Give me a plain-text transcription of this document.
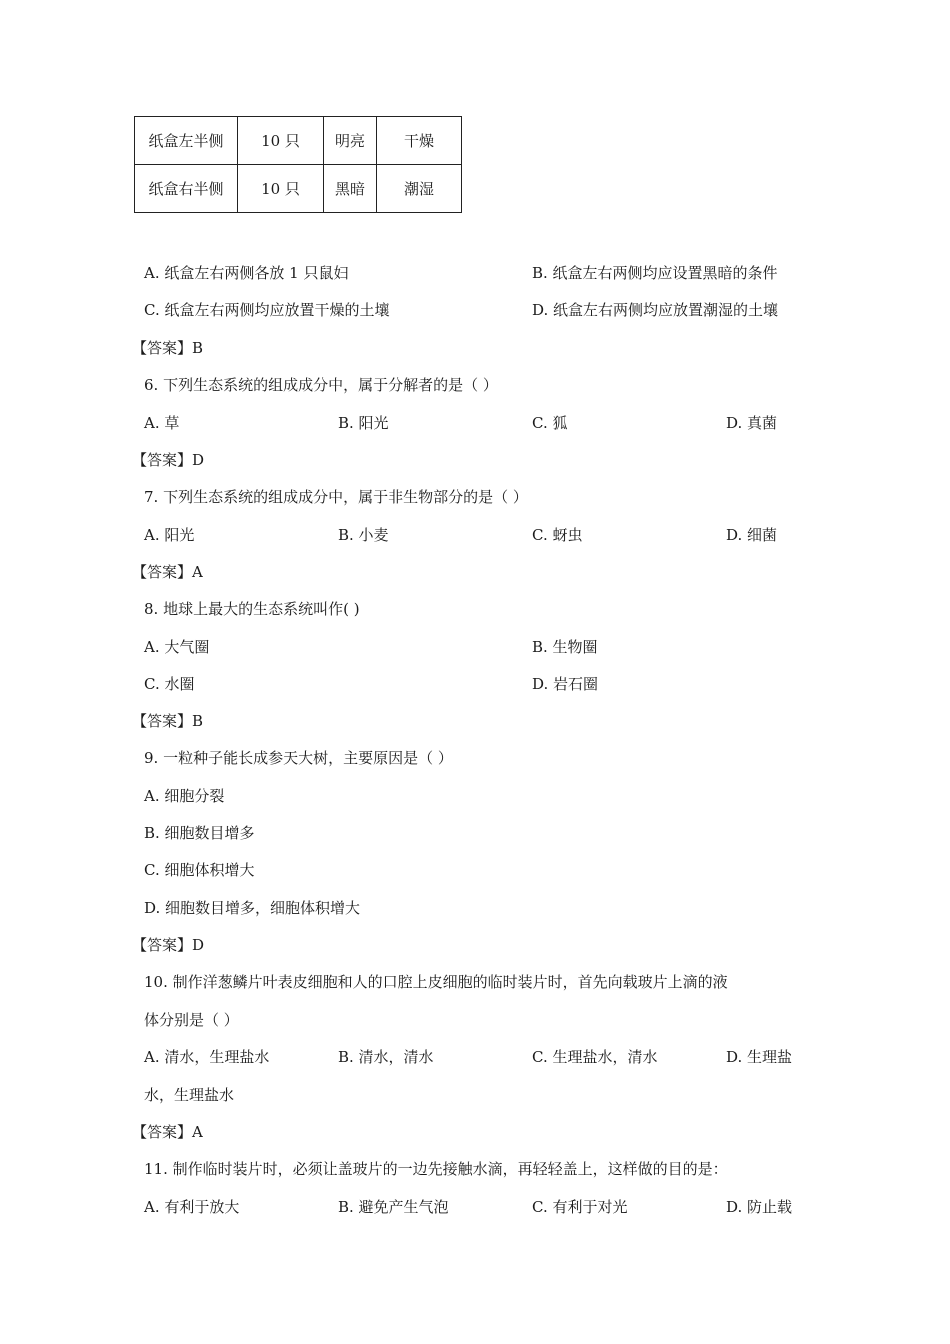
纸盒左半侧	10 只	明亮	干燥
纸盒右半侧	10 只	黑暗	潮湿
A. 纸盒左右两侧各放 1 只鼠妇	B. 纸盒左右两侧均应设置黑暗的条件
C. 纸盒左右两侧均应放置干燥的土壤	D. 纸盒左右两侧均应放置潮湿的土壤
【答案】B
6. 下列生态系统的组成成分中，属于分解者的是（ ）
A. 草	B. 阳光	C. 狐	D. 真菌
【答案】D
7. 下列生态系统的组成成分中，属于非生物部分的是（ ）
A. 阳光	B. 小麦	C. 蚜虫	D. 细菌
【答案】A
8. 地球上最大的生态系统叫作( )
A. 大气圈	B. 生物圈
C. 水圈	D. 岩石圈
【答案】B
9. 一粒种子能长成参天大树，主要原因是（ ）
A. 细胞分裂
B. 细胞数目增多
C. 细胞体积增大
D. 细胞数目增多，细胞体积增大
【答案】D
10. 制作洋葱鳞片叶表皮细胞和人的口腔上皮细胞的临时装片时，首先向载玻片上滴的液
体分别是（ ）
A. 清水，生理盐水	B. 清水，清水	C. 生理盐水，清水	D. 生理盐
水，生理盐水
【答案】A
11. 制作临时装片时，必须让盖玻片的一边先接触水滴，再轻轻盖上，这样做的目的是：
A. 有利于放大	B. 避免产生气泡	C. 有利于对光	D. 防止载
